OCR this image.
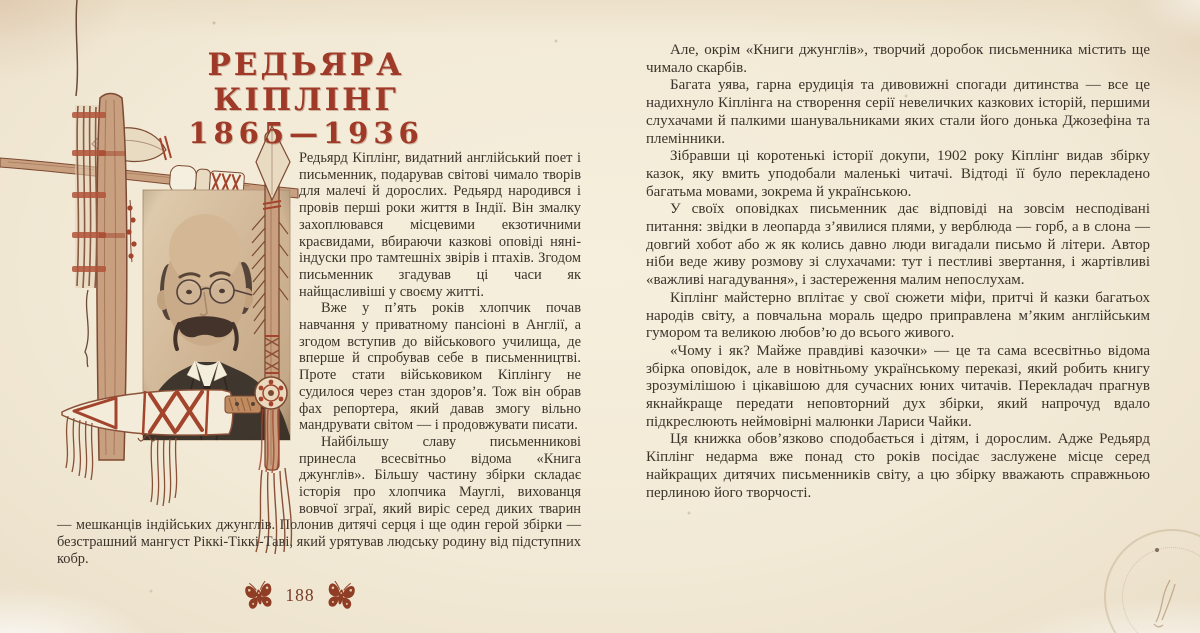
РЕДЬЯРА КІПЛІНГ
1865—1936

Редьярд Кіплінг, видатний англійський поет і письменник, подарував світові чимало творів для малечі й дорослих. Редьярд народився і провів перші роки життя в Індії. Він змалку захоплювався місцевими екзотичними краєвидами, вбираючи казкові оповіді няні-індуски про тамтешніх звірів і птахів. Згодом письменник згадував ці часи як найщасливіші у своєму житті.

Вже у п’ять років хлопчик почав навчання у приватному пансіоні в Англії, а згодом вступив до військового училища, де вперше й спробував себе в письменництві. Проте стати військовиком Кіплінгу не судилося через стан здоров’я. Тож він обрав фах репортера, який давав змогу вільно мандрувати світом — і продовжувати писати.

Найбільшу славу письменникові принесла всесвітньо відома «Книга джунглів». Більшу частину збірки складає історія про хлопчика Мауглі, вихованця вовчої зграї, який виріс серед диких тварин — мешканців індійських джунглів. Полонив дитячі серця і ще один герой збірки — безстрашний мангуст Ріккі-Тіккі-Таві, який урятував людську родину від підступних кобр.

Але, окрім «Книги джунглів», творчий доробок письменника містить ще чимало скарбів.

Багата уява, гарна ерудиція та дивовижні спогади дитинства — все це надихнуло Кіплінга на створення серії невеличких казкових історій, першими слухачами й палкими шанувальниками яких стали його донька Джозефіна та племінники.

Зібравши ці коротенькі історії докупи, 1902 року Кіплінг видав збірку казок, яку вмить уподобали маленькі читачі. Відтоді її було перекладено багатьма мовами, зокрема й українською.

У своїх оповідках письменник дає відповіді на зовсім несподівані питання: звідки в леопарда з’явилися плями, у верблюда — горб, а в слона — довгий хобот або ж як колись давно люди вигадали письмо й літери. Автор ніби веде живу розмову зі слухачами: тут і пестливі звертання, і жартівливі «важливі нагадування», і застереження малим непослухам.

Кіплінг майстерно вплітає у свої сюжети міфи, притчі й казки багатьох народів світу, а повчальна мораль щедро приправлена м’яким англійським гумором та великою любов’ю до всього живого.

«Чому і як? Майже правдиві казочки» — це та сама всесвітньо відома збірка оповідок, але в новітньому українському переказі, який робить книгу зрозумілішою і цікавішою для сучасних юних читачів. Перекладач прагнув якнайкраще передати неповторний дух збірки, який напрочуд вдало підкреслюють неймовірні малюнки Лариси Чайки.

Ця книжка обов’язково сподобається і дітям, і дорослим. Адже Редьярд Кіплінг недарма вже понад сто років посідає заслужене місце серед найкращих дитячих письменників світу, а цю збірку вважають справжньою перлиною його творчості.

188
